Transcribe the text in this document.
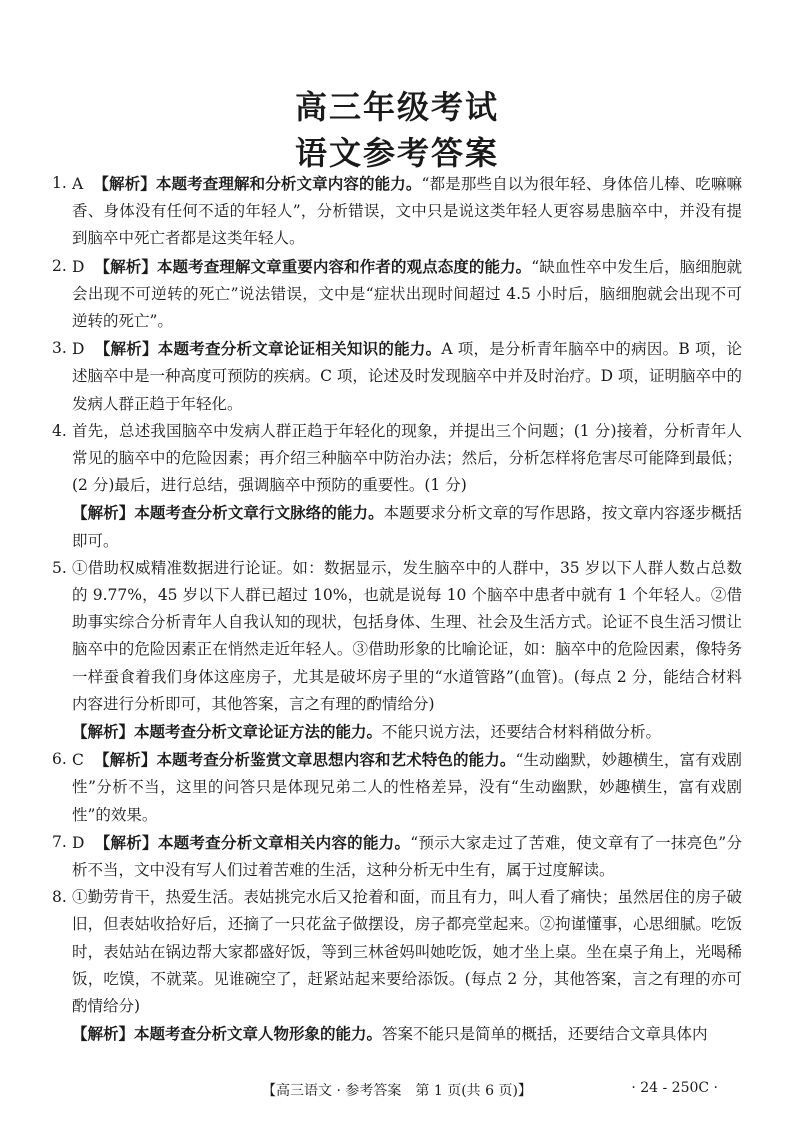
高三年级考试
语文参考答案

1. A 【解析】本题考查理解和分析文章内容的能力。“都是那些自以为很年轻、身体倍儿棒、吃嘛嘛香、身体没有任何不适的年轻人”，分析错误，文中只是说这类年轻人更容易患脑卒中，并没有提到脑卒中死亡者都是这类年轻人。

2. D 【解析】本题考查理解文章重要内容和作者的观点态度的能力。“缺血性卒中发生后，脑细胞就会出现不可逆转的死亡”说法错误，文中是“症状出现时间超过 4.5 小时后，脑细胞就会出现不可逆转的死亡”。

3. D 【解析】本题考查分析文章论证相关知识的能力。A 项，是分析青年脑卒中的病因。B 项，论述脑卒中是一种高度可预防的疾病。C 项，论述及时发现脑卒中并及时治疗。D 项，证明脑卒中的发病人群正趋于年轻化。

4. 首先，总述我国脑卒中发病人群正趋于年轻化的现象，并提出三个问题；(1 分)接着，分析青年人常见的脑卒中的危险因素；再介绍三种脑卒中防治办法；然后，分析怎样将危害尽可能降到最低；(2 分)最后，进行总结，强调脑卒中预防的重要性。(1 分)

【解析】本题考查分析文章行文脉络的能力。本题要求分析文章的写作思路，按文章内容逐步概括即可。

5. ①借助权威精准数据进行论证。如：数据显示，发生脑卒中的人群中，35 岁以下人群人数占总数的 9.77%，45 岁以下人群已超过 10%，也就是说每 10 个脑卒中患者中就有 1 个年轻人。②借助事实综合分析青年人自我认知的现状，包括身体、生理、社会及生活方式。论证不良生活习惯让脑卒中的危险因素正在悄然走近年轻人。③借助形象的比喻论证，如：脑卒中的危险因素，像特务一样蚕食着我们身体这座房子，尤其是破坏房子里的“水道管路”(血管)。(每点 2 分，能结合材料内容进行分析即可，其他答案，言之有理的酌情给分)

【解析】本题考查分析文章论证方法的能力。不能只说方法，还要结合材料稍做分析。

6. C 【解析】本题考查分析鉴赏文章思想内容和艺术特色的能力。“生动幽默，妙趣横生，富有戏剧性”分析不当，这里的问答只是体现兄弟二人的性格差异，没有“生动幽默，妙趣横生，富有戏剧性”的效果。

7. D 【解析】本题考查分析文章相关内容的能力。“预示大家走过了苦难，使文章有了一抹亮色”分析不当，文中没有写人们过着苦难的生活，这种分析无中生有，属于过度解读。

8. ①勤劳肯干，热爱生活。表姑挑完水后又抢着和面，而且有力，叫人看了痛快；虽然居住的房子破旧，但表姑收拾好后，还摘了一只花盆子做摆设，房子都亮堂起来。②拘谨懂事，心思细腻。吃饭时，表姑站在锅边帮大家都盛好饭，等到三林爸妈叫她吃饭，她才坐上桌。坐在桌子角上，光喝稀饭，吃馍，不就菜。见谁碗空了，赶紧站起来要给添饭。(每点 2 分，其他答案，言之有理的亦可酌情给分)

【解析】本题考查分析文章人物形象的能力。答案不能只是简单的概括，还要结合文章具体内

【高三语文 · 参考答案　第 1 页(共 6 页)】	· 24 - 250C ·
